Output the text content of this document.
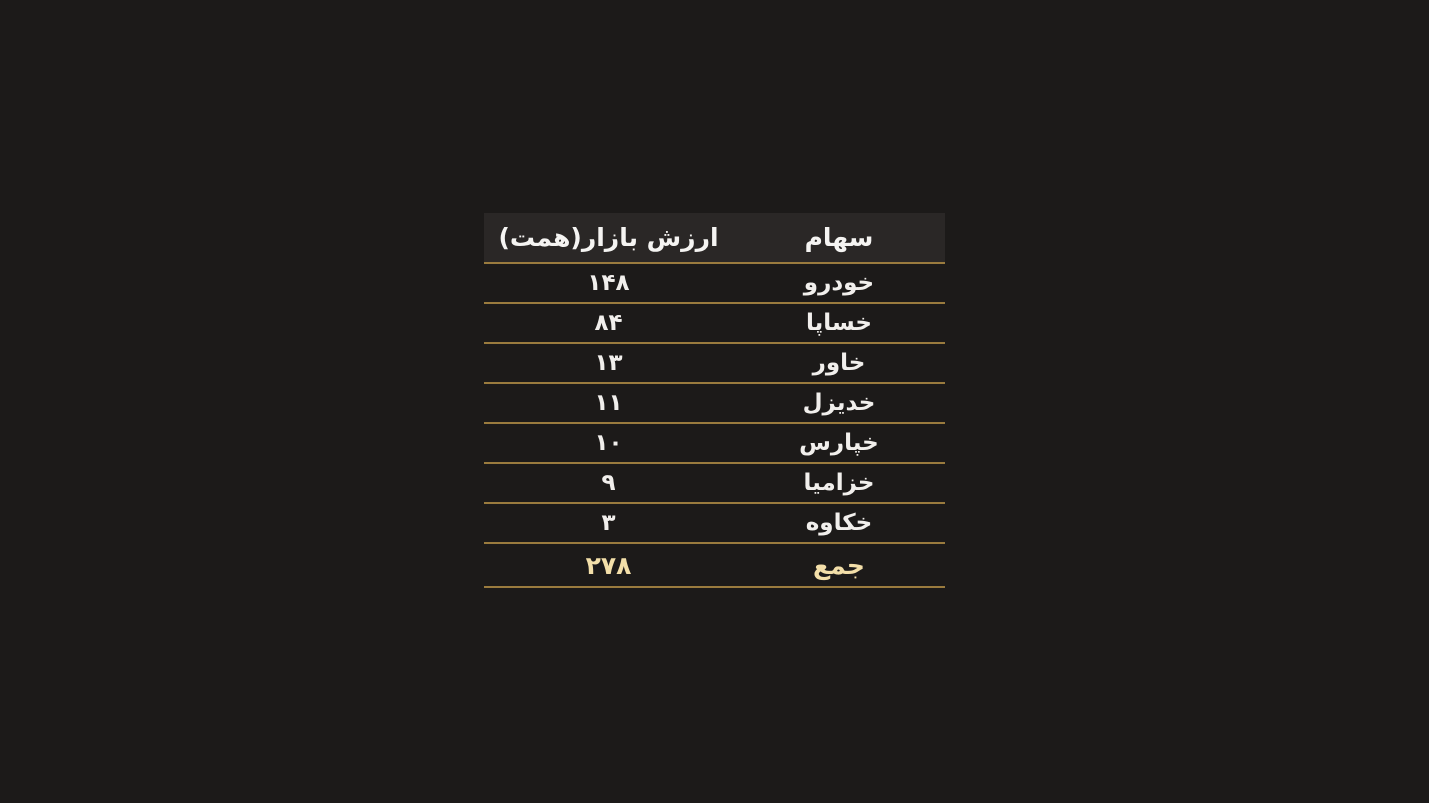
سهام
ارزش بازار(همت)
خودرو
۱۴۸
خساپا
۸۴
خاور
۱۳
خدیزل
۱۱
خپارس
۱۰
خزامیا
۹
خکاوه
۳
جمع
۲۷۸
